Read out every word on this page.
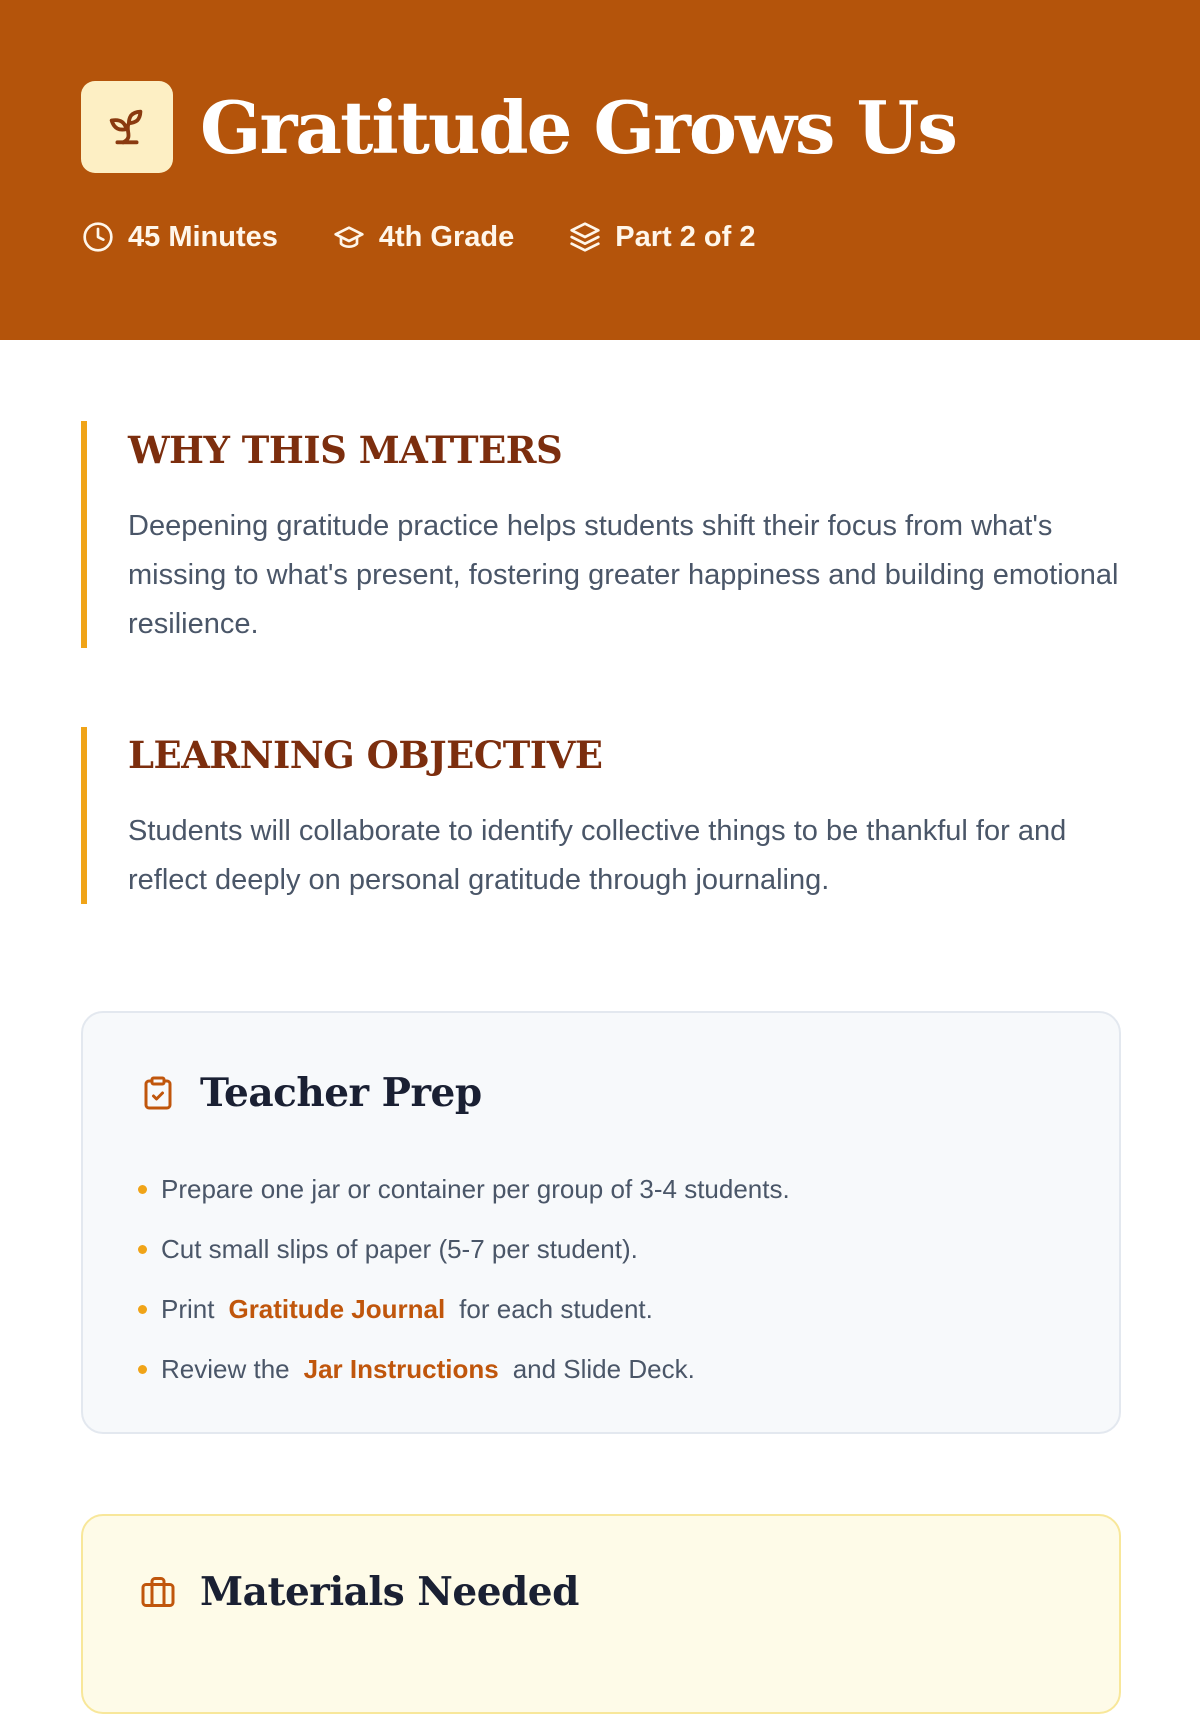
Gratitude Grows Us
45 Minutes	4th Grade	Part 2 of 2
WHY THIS MATTERS

Deepening gratitude practice helps students shift their focus from what's missing to what's present, fostering greater happiness and building emotional resilience.

LEARNING OBJECTIVE

Students will collaborate to identify collective things to be thankful for and reflect deeply on personal gratitude through journaling.

Teacher Prep
Prepare one jar or container per group of 3-4 students.
Cut small slips of paper (5-7 per student).
Print Gratitude Journal for each student.
Review the Jar Instructions and Slide Deck.
Materials Needed
